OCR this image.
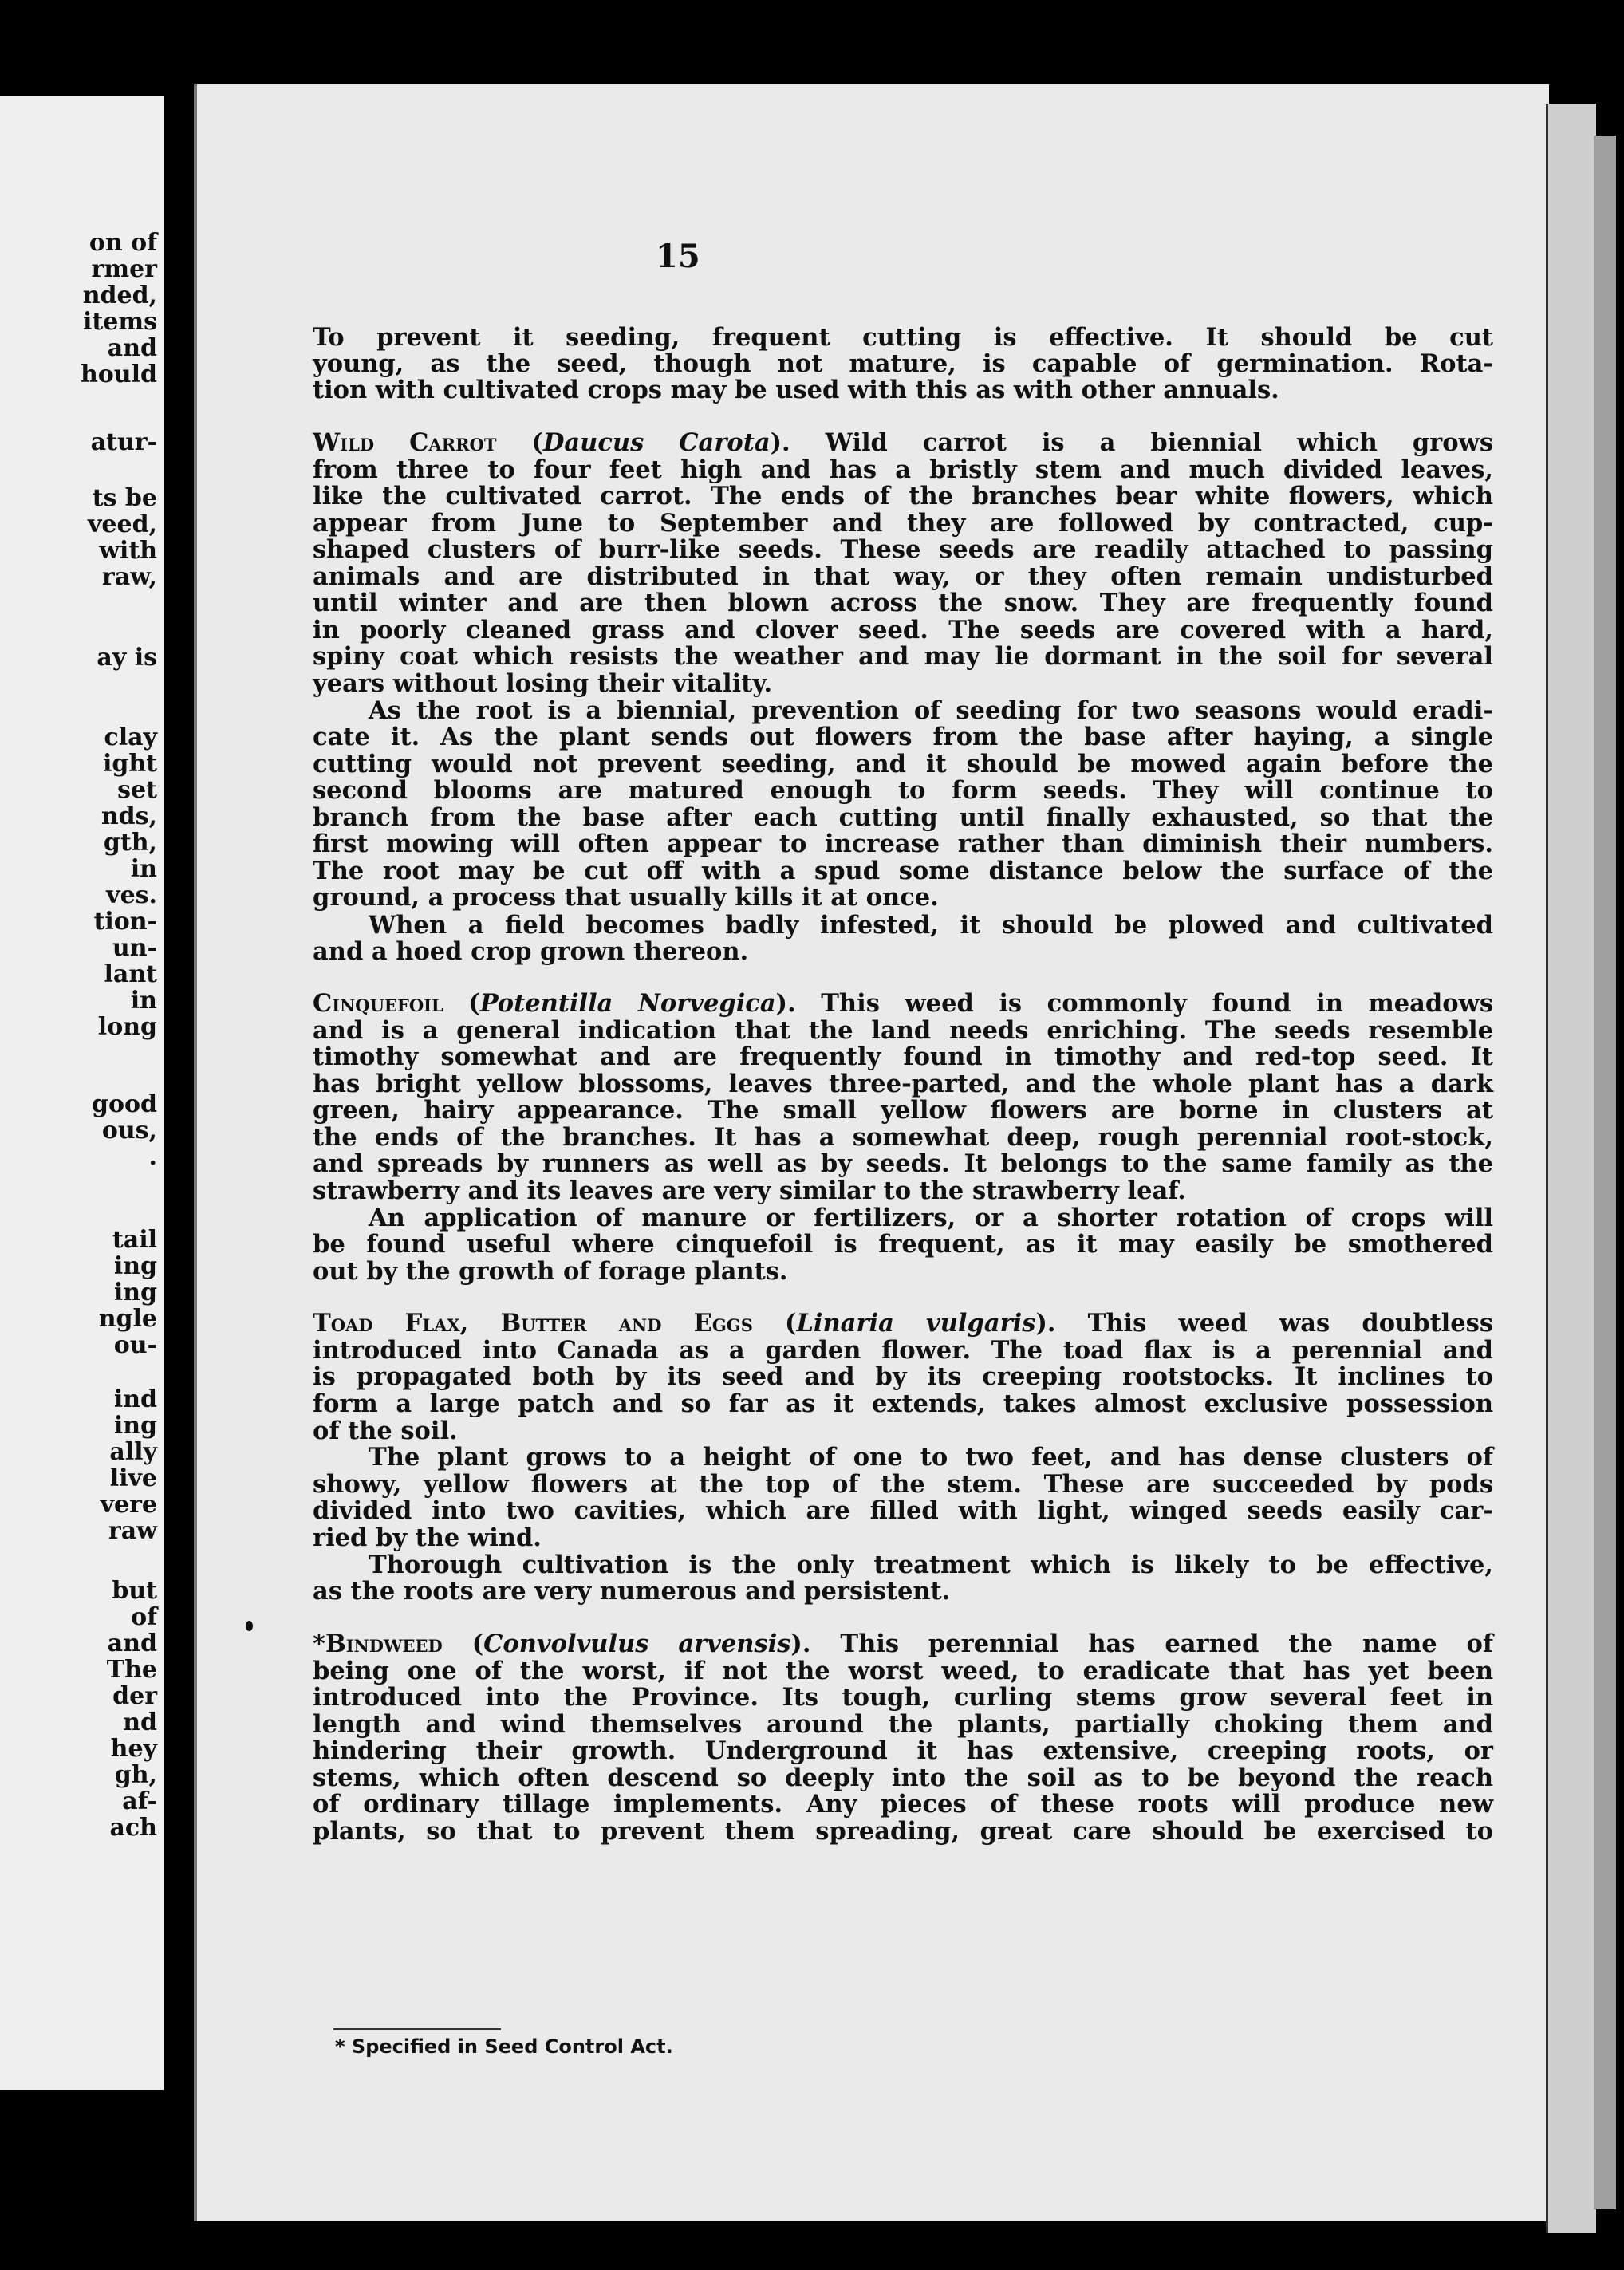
on of
rmer
nded,
items
and
hould
atur-
ts be
veed,
with
raw,
ay is
clay
ight
set
nds,
gth,
in
ves.
tion-
un-
lant
in
long
good
ous,
.
tail
ing
ing
ngle
ou-
ind
ing
ally
live
vere
raw
but
of
and
The
der
nd
hey
gh,
af-
ach
15
To prevent it seeding, frequent cutting is effective. It should be cut
young, as the seed, though not mature, is capable of germination. Rota-
tion with cultivated crops may be used with this as with other annuals.
Wild Carrot (Daucus Carota). Wild carrot is a biennial which grows
from three to four feet high and has a bristly stem and much divided leaves,
like the cultivated carrot. The ends of the branches bear white flowers, which
appear from June to September and they are followed by contracted, cup-
shaped clusters of burr-like seeds. These seeds are readily attached to passing
animals and are distributed in that way, or they often remain undisturbed
until winter and are then blown across the snow. They are frequently found
in poorly cleaned grass and clover seed. The seeds are covered with a hard,
spiny coat which resists the weather and may lie dormant in the soil for several
years without losing their vitality.
As the root is a biennial, prevention of seeding for two seasons would eradi-
cate it. As the plant sends out flowers from the base after haying, a single
cutting would not prevent seeding, and it should be mowed again before the
second blooms are matured enough to form seeds. They will continue to
branch from the base after each cutting until finally exhausted, so that the
first mowing will often appear to increase rather than diminish their numbers.
The root may be cut off with a spud some distance below the surface of the
ground, a process that usually kills it at once.
When a field becomes badly infested, it should be plowed and cultivated
and a hoed crop grown thereon.
Cinquefoil (Potentilla Norvegica). This weed is commonly found in meadows
and is a general indication that the land needs enriching. The seeds resemble
timothy somewhat and are frequently found in timothy and red-top seed. It
has bright yellow blossoms, leaves three-parted, and the whole plant has a dark
green, hairy appearance. The small yellow flowers are borne in clusters at
the ends of the branches. It has a somewhat deep, rough perennial root-stock,
and spreads by runners as well as by seeds. It belongs to the same family as the
strawberry and its leaves are very similar to the strawberry leaf.
An application of manure or fertilizers, or a shorter rotation of crops will
be found useful where cinquefoil is frequent, as it may easily be smothered
out by the growth of forage plants.
Toad Flax, Butter and Eggs (Linaria vulgaris). This weed was doubtless
introduced into Canada as a garden flower. The toad flax is a perennial and
is propagated both by its seed and by its creeping rootstocks. It inclines to
form a large patch and so far as it extends, takes almost exclusive possession
of the soil.
The plant grows to a height of one to two feet, and has dense clusters of
showy, yellow flowers at the top of the stem. These are succeeded by pods
divided into two cavities, which are filled with light, winged seeds easily car-
ried by the wind.
Thorough cultivation is the only treatment which is likely to be effective,
as the roots are very numerous and persistent.
*Bindweed (Convolvulus arvensis). This perennial has earned the name of
being one of the worst, if not the worst weed, to eradicate that has yet been
introduced into the Province. Its tough, curling stems grow several feet in
length and wind themselves around the plants, partially choking them and
hindering their growth. Underground it has extensive, creeping roots, or
stems, which often descend so deeply into the soil as to be beyond the reach
of ordinary tillage implements. Any pieces of these roots will produce new
plants, so that to prevent them spreading, great care should be exercised to
* Specified in Seed Control Act.
